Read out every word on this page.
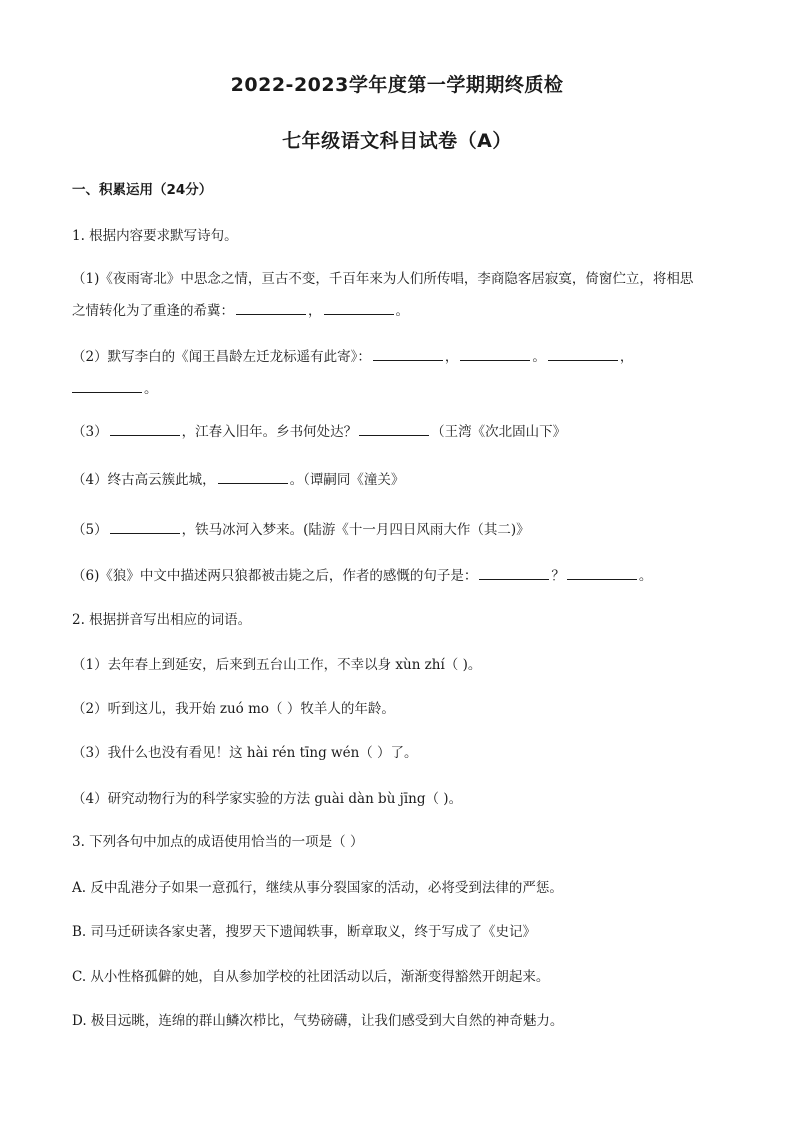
2022-2023学年度第一学期期终质检
七年级语文科目试卷（A）
一、积累运用（24分）
1. 根据内容要求默写诗句。
（1)《夜雨寄北》中思念之情，亘古不变，千百年来为人们所传唱，李商隐客居寂寞，倚窗伫立，将相思
之情转化为了重逢的希冀：	，	。
（2）默写李白的《闻王昌龄左迁龙标遥有此寄》：	，	。	，
。
（3）	，江春入旧年。乡书何处达？	（王湾《次北固山下》
（4）终古高云簇此城，	。（谭嗣同《潼关》
（5）	，铁马冰河入梦来。(陆游《十一月四日风雨大作（其二)》
（6)《狼》中文中描述两只狼都被击毙之后，作者的感慨的句子是：	？	。
2. 根据拼音写出相应的词语。
（1）去年春上到延安，后来到五台山工作，不幸以身 xùn zhí（ )。
（2）听到这儿，我开始 zuó mo（ ）牧羊人的年龄。
（3）我什么也没有看见！这 hài rén tīng wén（ ）了。
（4）研究动物行为的科学家实验的方法 guài dàn bù jīng（ )。
3. 下列各句中加点的成语使用恰当的一项是（ ）
A. 反中乱港分子如果一意孤行，继续从事分裂国家的活动，必将受到法律的严惩。
B. 司马迁研读各家史著，搜罗天下遗闻轶事，断章取义，终于写成了《史记》
C. 从小性格孤僻的她，自从参加学校的社团活动以后，渐渐变得豁然开朗起来。
D. 极目远眺，连绵的群山鳞次栉比，气势磅礴，让我们感受到大自然的神奇魅力。
